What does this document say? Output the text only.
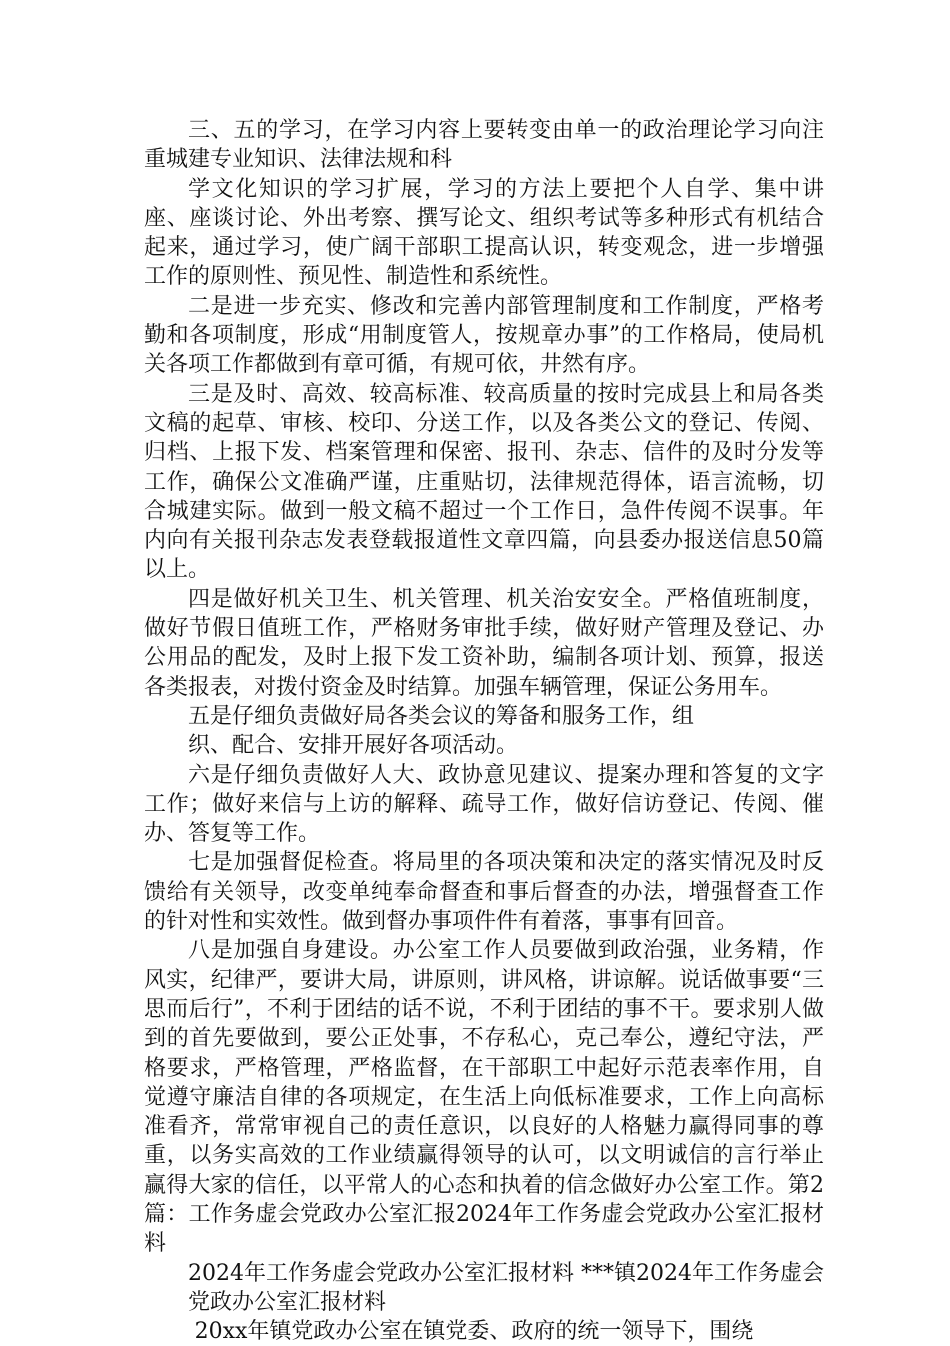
三、五的学习，在学习内容上要转变由单一的政治理论学习向注重城建专业知识、法律法规和科

学文化知识的学习扩展，学习的方法上要把个人自学、集中讲座、座谈讨论、外出考察、撰写论文、组织考试等多种形式有机结合起来，通过学习，使广阔干部职工提高认识，转变观念，进一步增强工作的原则性、预见性、制造性和系统性。

二是进一步充实、修改和完善内部管理制度和工作制度，严格考勤和各项制度，形成“用制度管人，按规章办事”的工作格局，使局机关各项工作都做到有章可循，有规可依，井然有序。

三是及时、高效、较高标准、较高质量的按时完成县上和局各类文稿的起草、审核、校印、分送工作，以及各类公文的登记、传阅、归档、上报下发、档案管理和保密、报刊、杂志、信件的及时分发等工作，确保公文准确严谨，庄重贴切，法律规范得体，语言流畅，切合城建实际。做到一般文稿不超过一个工作日，急件传阅不误事。年内向有关报刊杂志发表登载报道性文章四篇，向县委办报送信息50篇以上。

四是做好机关卫生、机关管理、机关治安安全。严格值班制度，做好节假日值班工作，严格财务审批手续，做好财产管理及登记、办公用品的配发，及时上报下发工资补助，编制各项计划、预算，报送各类报表，对拨付资金及时结算。加强车辆管理，保证公务用车。

五是仔细负责做好局各类会议的筹备和服务工作，组

织、配合、安排开展好各项活动。

六是仔细负责做好人大、政协意见建议、提案办理和答复的文字工作；做好来信与上访的解释、疏导工作，做好信访登记、传阅、催办、答复等工作。

七是加强督促检查。将局里的各项决策和决定的落实情况及时反馈给有关领导，改变单纯奉命督查和事后督查的办法，增强督查工作的针对性和实效性。做到督办事项件件有着落，事事有回音。

八是加强自身建设。办公室工作人员要做到政治强，业务精，作风实，纪律严，要讲大局，讲原则，讲风格，讲谅解。说话做事要“三思而后行”，不利于团结的话不说，不利于团结的事不干。要求别人做到的首先要做到，要公正处事，不存私心，克己奉公，遵纪守法，严格要求，严格管理，严格监督，在干部职工中起好示范表率作用，自觉遵守廉洁自律的各项规定，在生活上向低标准要求，工作上向高标准看齐，常常审视自己的责任意识，以良好的人格魅力赢得同事的尊重，以务实高效的工作业绩赢得领导的认可，以文明诚信的言行举止赢得大家的信任，以平常人的心态和执着的信念做好办公室工作。第2篇：工作务虚会党政办公室汇报2024年工作务虚会党政办公室汇报材料

2024年工作务虚会党政办公室汇报材料 ***镇2024年工作务虚会

党政办公室汇报材料

20xx年镇党政办公室在镇党委、政府的统一领导下，围绕
